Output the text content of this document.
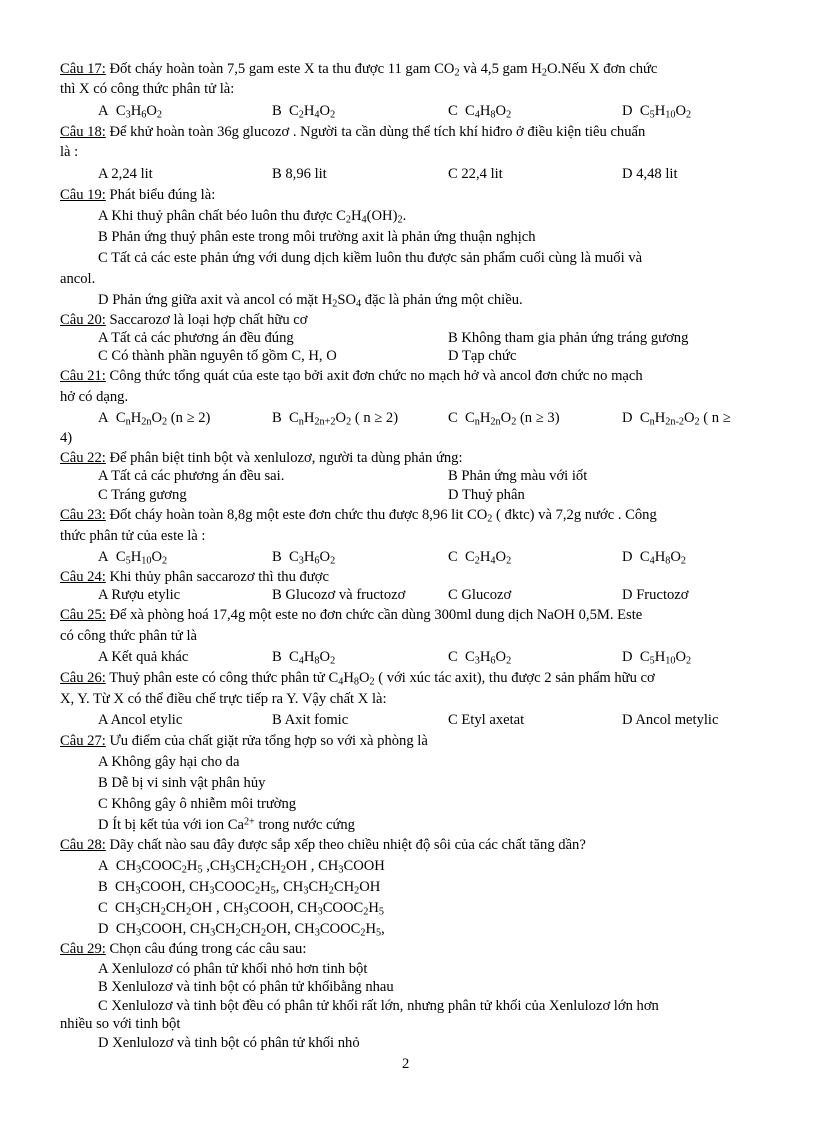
Câu 17: Đốt cháy hoàn toàn 7,5 gam este X ta thu được 11 gam $CO_2$ và 4,5 gam $H_2O.Nếu$ X đơn chức
thì X có công thức phân tử là:
A $C_3H_6O_2$	B $C_2H_4O_2$	C $C_4H_8O_2$	D $C_5H_{10}O_2$
Câu 18: Để khử hoàn toàn 36g glucozơ . Người ta cần dùng thể tích khí hiđro ở điều kiện tiêu chuẩn
là :
A 2,24 lit	B 8,96 lit	C 22,4 lit	D 4,48 lit
Câu 19: Phát biểu đúng là:
A Khi thuỷ phân chất béo luôn thu được $C_2H_4(OH)_2$.
B Phản ứng thuỷ phân este trong môi trường axit là phản ứng thuận nghịch
C Tất cả các este phản ứng với dung dịch kiềm luôn thu được sản phẩm cuối cùng là muối và
ancol.
D Phản ứng giữa axit và ancol có mặt $H_2SO_4$ đặc là phản ứng một chiều.
Câu 20: Saccarozơ là loại hợp chất hữu cơ
A Tất cả các phương án đều đúng	B Không tham gia phản ứng tráng gương
C Có thành phần nguyên tố gồm C, H, O	D Tạp chức
Câu 21: Công thức tổng quát của este tạo bởi axit đơn chức no mạch hở và ancol đơn chức no mạch
hở có dạng.
A $C_nH_{2n}O_2$ (n ≥ 2)	B $C_nH_{2n+2}O_2$ ( n ≥ 2)	C $C_nH_{2n}O_2$ (n ≥ 3)	D $C_nH_{2n-2}O_2$ ( n ≥
4)
Câu 22: Để phân biệt tinh bột và xenlulozơ, người ta dùng phản ứng:
A Tất cả các phương án đều sai.	B Phản ứng màu với iốt
C Tráng gương	D Thuỷ phân
Câu 23: Đốt cháy hoàn toàn 8,8g một este đơn chức thu được 8,96 lit $CO_2$ ( đktc) và 7,2g nước . Công
thức phân tử của este là :
A $C_5H_{10}O_2$	B $C_3H_6O_2$	C $C_2H_4O_2$	D $C_4H_8O_2$
Câu 24: Khi thủy phân saccarozơ thì thu được
A Rượu etylic	B Glucozơ và fructozơ	C Glucozơ	D Fructozơ
Câu 25: Để xà phòng hoá 17,4g một este no đơn chức cần dùng 300ml dung dịch NaOH 0,5M. Este
có công thức phân tử là
A Kết quả khác	B $C_4H_8O_2$	C $C_3H_6O_2$	D $C_5H_{10}O_2$
Câu 26: Thuỷ phân este có công thức phân tử $C_4H_8O_2$ ( với xúc tác axit), thu được 2 sản phẩm hữu cơ
X, Y. Từ X có thể điều chế trực tiếp ra Y. Vậy chất X là:
A Ancol etylic	B Axit fomic	C Etyl axetat	D Ancol metylic
Câu 27: Ưu điểm của chất giặt rửa tổng hợp so với xà phòng là
A Không gây hại cho da
B Dễ bị vi sinh vật phân hủy
C Không gây ô nhiễm môi trường
D Ít bị kết tủa với ion $Ca^{2+}$ trong nước cứng
Câu 28: Dãy chất nào sau đây được sắp xếp theo chiều nhiệt độ sôi của các chất tăng dần?
A $CH_3COOC_2H_5$ $,CH_3CH_2CH_2OH$ , $CH_3COOH$
B $CH_3COOH$, $CH_3COOC_2H_5$, $CH_3CH_2CH_2OH$
C $CH_3CH_2CH_2OH$ , $CH_3COOH$, $CH_3COOC_2H_5$
D $CH_3COOH$, $CH_3CH_2CH_2OH$, $CH_3COOC_2H_5$,
Câu 29: Chọn câu đúng trong các câu sau:
A Xenlulozơ có phân tử khối nhỏ hơn tinh bột
B Xenlulozơ và tinh bột có phân tử khốibằng nhau
C Xenlulozơ và tinh bột đều có phân tử khối rất lớn, nhưng phân tử khối của Xenlulozơ lớn hơn
nhiều so với tinh bột
D Xenlulozơ và tinh bột có phân tử khối nhỏ
2
